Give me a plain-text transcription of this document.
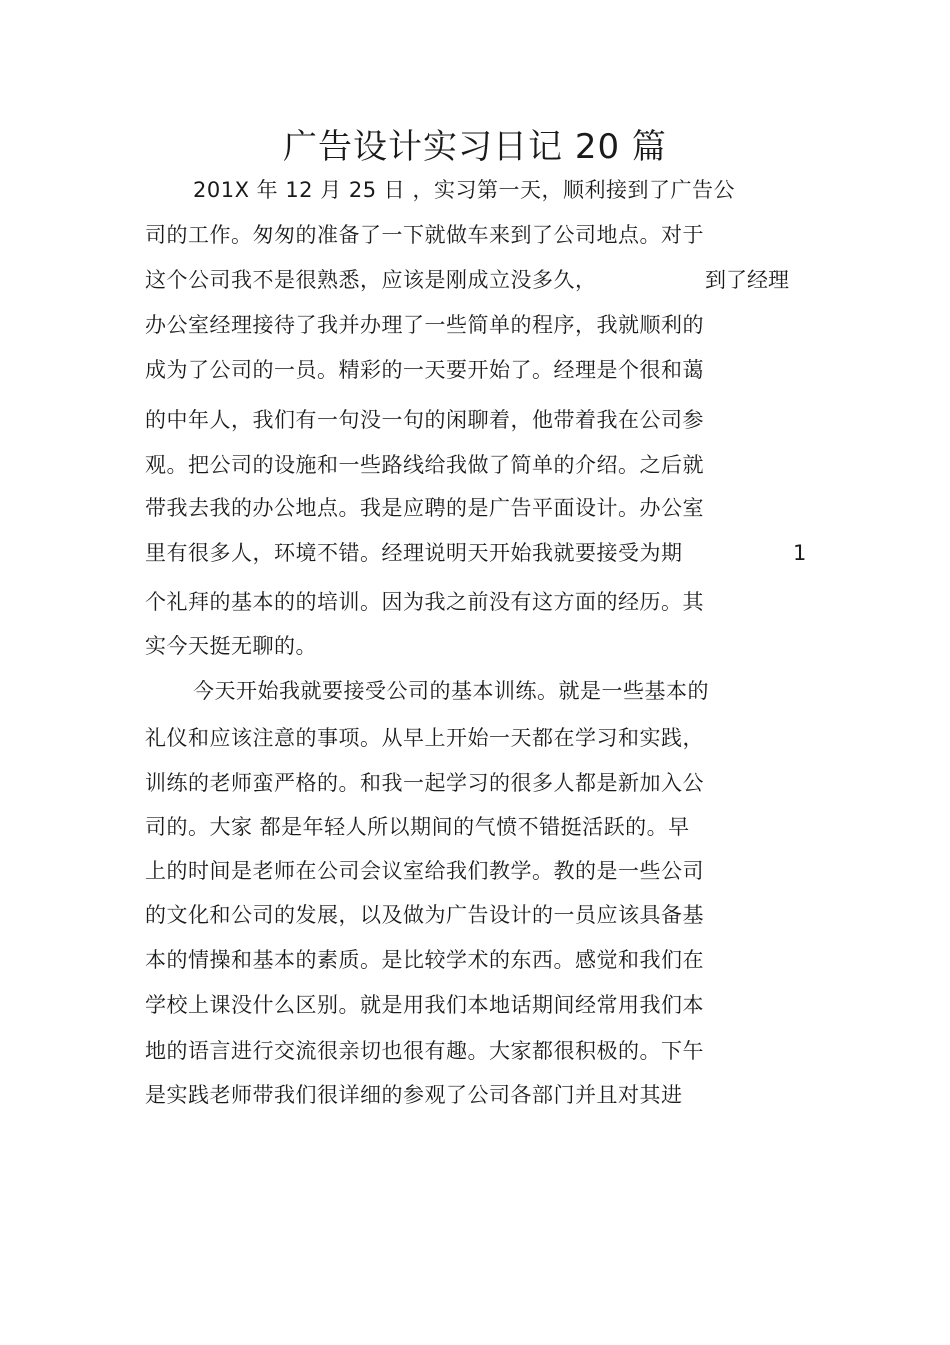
广告设计实习日记 20 篇
201X 年 12 月 25 日 ，实习第一天，顺利接到了广告公
司的工作。匆匆的准备了一下就做车来到了公司地点。对于
这个公司我不是很熟悉，应该是刚成立没多久，	到了经理
办公室经理接待了我并办理了一些简单的程序，我就顺利的
成为了公司的一员。精彩的一天要开始了。经理是个很和蔼
的中年人，我们有一句没一句的闲聊着，他带着我在公司参
观。把公司的设施和一些路线给我做了简单的介绍。之后就
带我去我的办公地点。我是应聘的是广告平面设计。办公室
里有很多人，环境不错。经理说明天开始我就要接受为期	1
个礼拜的基本的的培训。因为我之前没有这方面的经历。其
实今天挺无聊的。
今天开始我就要接受公司的基本训练。就是一些基本的
礼仪和应该注意的事项。从早上开始一天都在学习和实践，
训练的老师蛮严格的。和我一起学习的很多人都是新加入公
司的。大家 都是年轻人所以期间的气愤不错挺活跃的。早
上的时间是老师在公司会议室给我们教学。教的是一些公司
的文化和公司的发展，以及做为广告设计的一员应该具备基
本的情操和基本的素质。是比较学术的东西。感觉和我们在
学校上课没什么区别。就是用我们本地话期间经常用我们本
地的语言进行交流很亲切也很有趣。大家都很积极的。下午
是实践老师带我们很详细的参观了公司各部门并且对其进
